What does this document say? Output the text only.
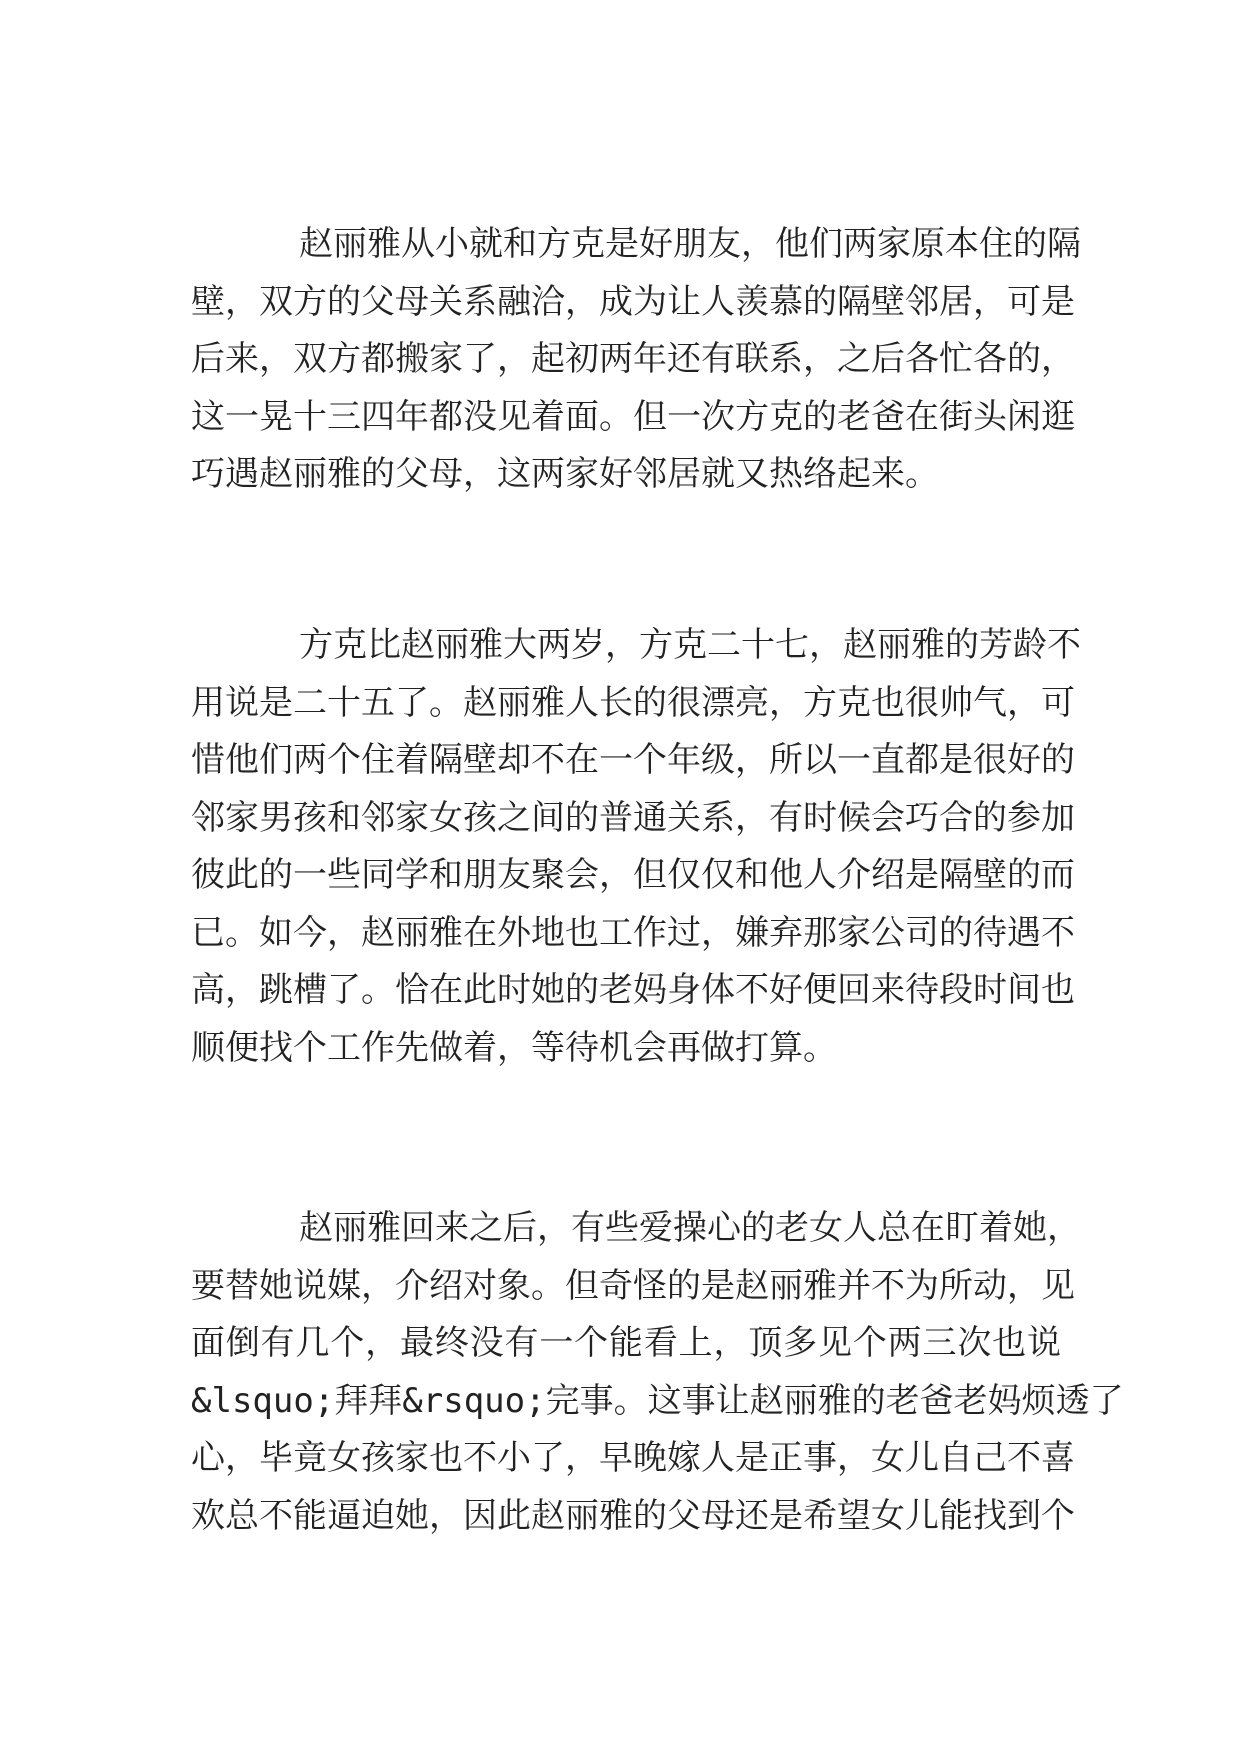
赵丽雅从小就和方克是好朋友，他们两家原本住的隔
壁，双方的父母关系融洽，成为让人羡慕的隔壁邻居，可是
后来，双方都搬家了，起初两年还有联系，之后各忙各的，
这一晃十三四年都没见着面。但一次方克的老爸在街头闲逛
巧遇赵丽雅的父母，这两家好邻居就又热络起来。
方克比赵丽雅大两岁，方克二十七，赵丽雅的芳龄不
用说是二十五了。赵丽雅人长的很漂亮，方克也很帅气，可
惜他们两个住着隔壁却不在一个年级，所以一直都是很好的
邻家男孩和邻家女孩之间的普通关系，有时候会巧合的参加
彼此的一些同学和朋友聚会，但仅仅和他人介绍是隔壁的而
已。如今，赵丽雅在外地也工作过，嫌弃那家公司的待遇不
高，跳槽了。恰在此时她的老妈身体不好便回来待段时间也
顺便找个工作先做着，等待机会再做打算。
赵丽雅回来之后，有些爱操心的老女人总在盯着她，
要替她说媒，介绍对象。但奇怪的是赵丽雅并不为所动，见
面倒有几个，最终没有一个能看上，顶多见个两三次也说
&lsquo;拜拜&rsquo;完事。这事让赵丽雅的老爸老妈烦透了
心，毕竟女孩家也不小了，早晚嫁人是正事，女儿自己不喜
欢总不能逼迫她，因此赵丽雅的父母还是希望女儿能找到个
